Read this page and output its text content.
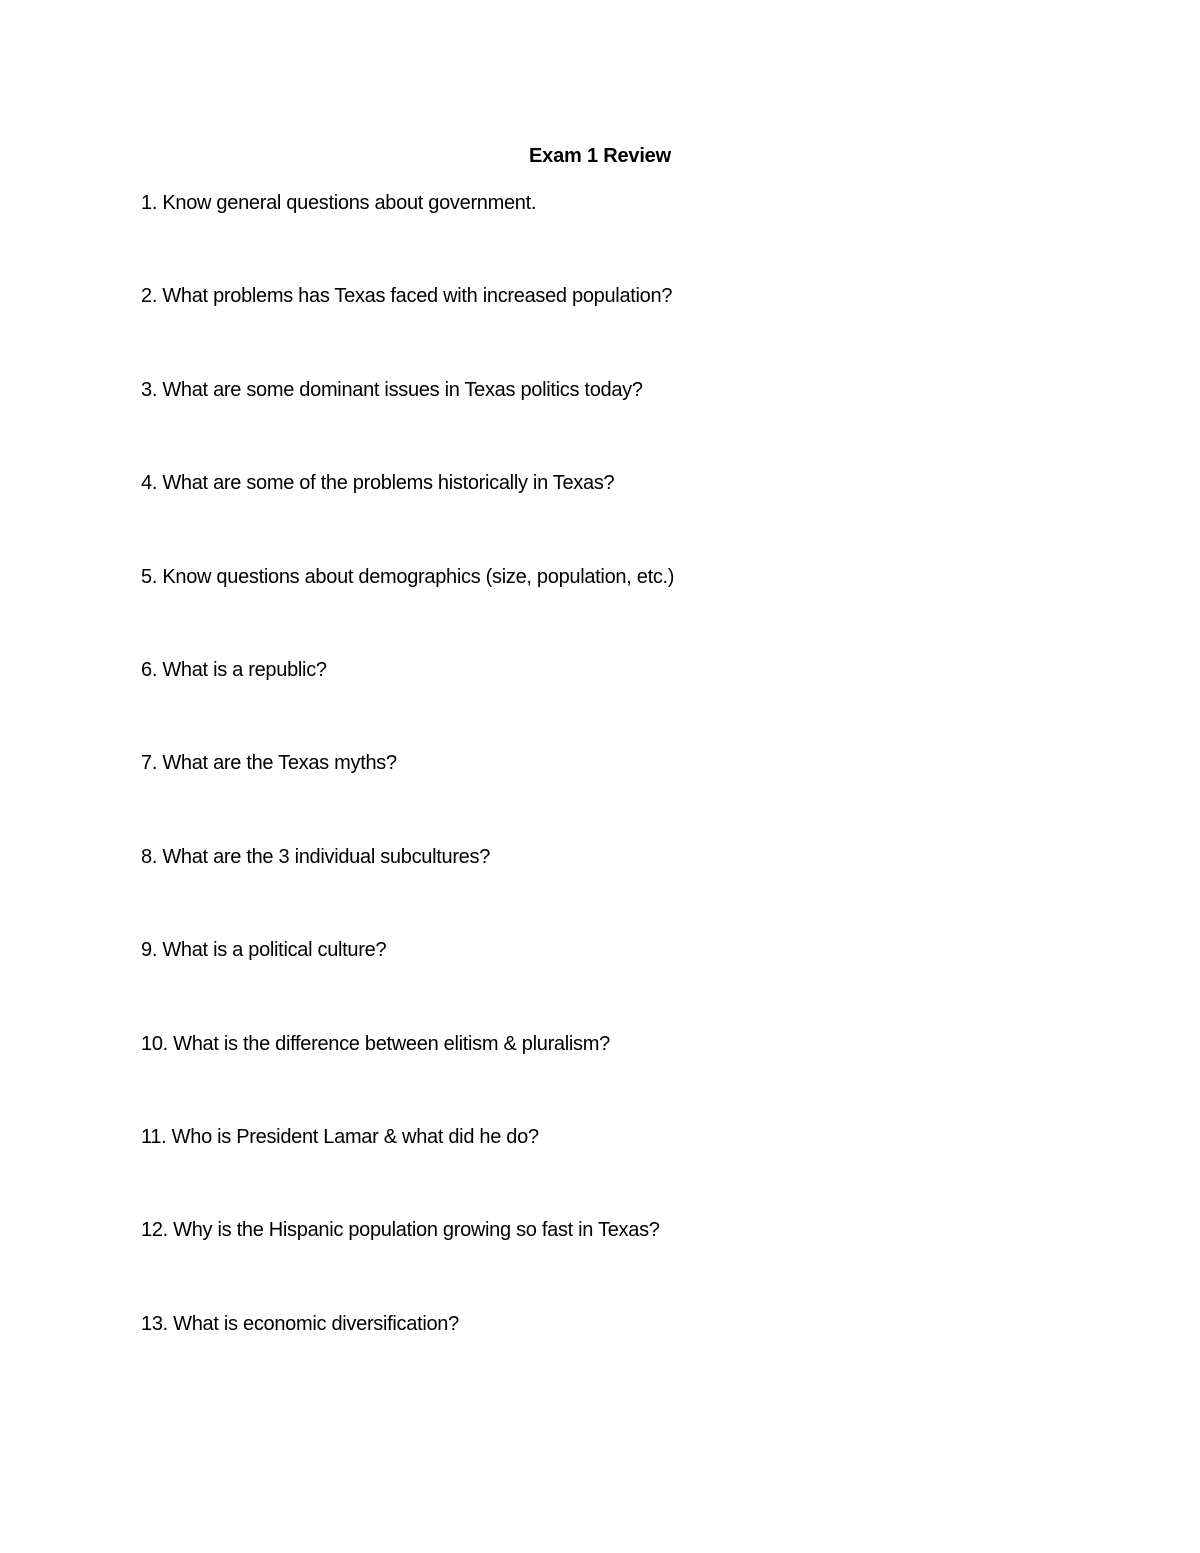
Exam 1 Review
1. Know general questions about government.
2. What problems has Texas faced with increased population?
3. What are some dominant issues in Texas politics today?
4. What are some of the problems historically in Texas?
5. Know questions about demographics (size, population, etc.)
6. What is a republic?
7. What are the Texas myths?
8. What are the 3 individual subcultures?
9. What is a political culture?
10. What is the difference between elitism & pluralism?
11. Who is President Lamar & what did he do?
12. Why is the Hispanic population growing so fast in Texas?
13. What is economic diversification?
